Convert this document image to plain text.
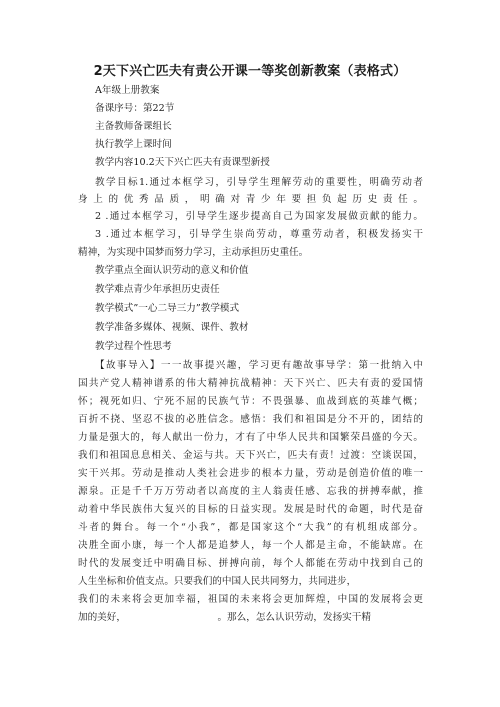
2天下兴亡匹夫有责公开课一等奖创新教案（表格式）
A年级上册教案
备课序号：第22节
主备教师备课组长
执行教学上课时间
教学内容10.2天下兴亡匹夫有责课型新授
教学目标1.通过本框学习，引导学生理解劳动的重要性，明确劳动者
身上的优秀品质，明确对青少年要担负起历史责任。
2 .通过本框学习，引导学生逐步提高自己为国家发展做贡献的能力。
3 .通过本框学习，引导学生崇尚劳动，尊重劳动者，积极发扬实干
精神，为实现中国梦而努力学习，主动承担历史重任。
教学重点全面认识劳动的意义和价值
教学难点青少年承担历史责任
教学模式”一心二导三力”教学模式
教学准备多媒体、视频、课件、教材
教学过程个性思考
【故事导入】一一故事提兴趣，学习更有趣故事导学：第一批纳入中
国共产党人精神谱系的伟大精神抗战精神：天下兴亡、匹夫有责的爱国情
怀；视死如归、宁死不屈的民族气节：不畏强暴、血战到底的英雄气概；
百折不挠、坚忍不拔的必胜信念。感悟：我们和祖国是分不开的，团结的
力量是强大的，每人献出一份力，才有了中华人民共和国繁荣昌盛的今天。
我们和祖国息息相关、金运与共。天下兴亡，匹夫有责！过渡：空谈误国，
实干兴邦。劳动是推动人类社会进步的根本力量，劳动是创造价值的唯一
源泉。正是千千万万劳动者以高度的主人翁责任感、忘我的拼搏奉献，推
动着中华民族伟大复兴的目标的日益实现。发展是时代的命题，时代是奋
斗者的舞台。每一个“小我”，都是国家这个“大我”的有机组成部分。
决胜全面小康，每一个人都是追梦人，每一个人都是主命，不能缺席。在
时代的发展变迁中明确目标、拼搏向前，每个人都能在劳动中找到自己的
人生坐标和价值支点。只要我们的中国人民共同努力，共同进步，
我们的未来将会更加幸福，祖国的未来将会更加辉煌，中国的发展将会更
加的美好，                              。那么，怎么认识劳动，发扬实干精
